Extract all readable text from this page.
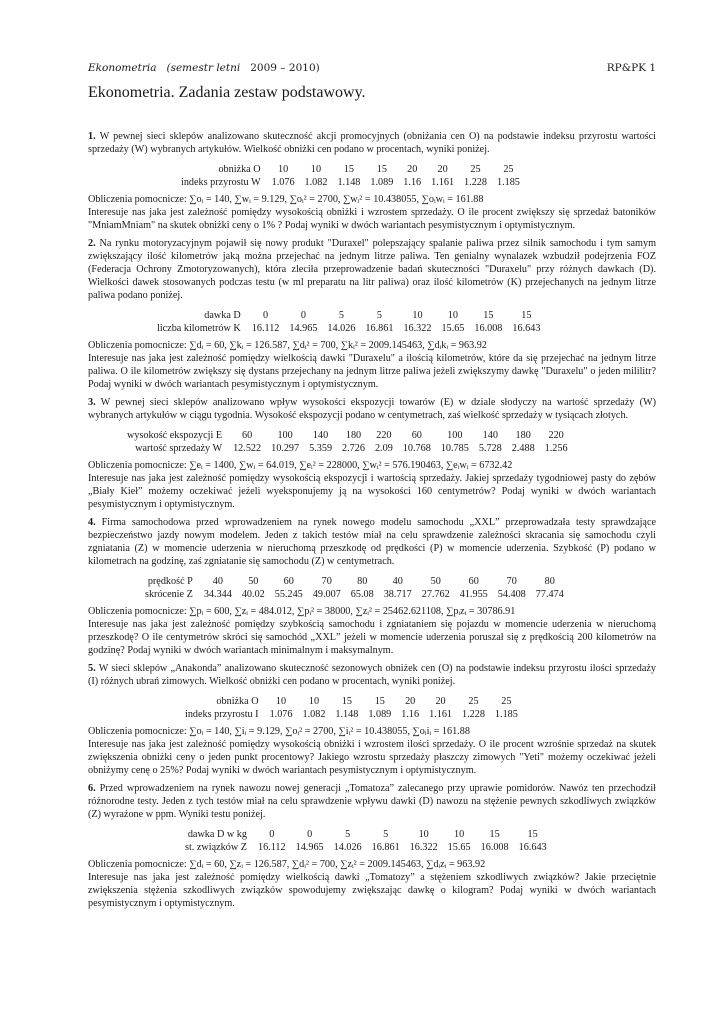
Ekonometria (semestr letni 2009 – 2010)	RP&PK 1
Ekonometria. Zadania zestaw podstawowy.

1. W pewnej sieci sklepów analizowano skuteczność akcji promocyjnych (obniżania cen O) na podstawie indeksu przyrostu wartości sprzedaży (W) wybranych artykułów. Wielkość obniżki cen podano w procentach, wyniki poniżej.

obniżka O	10	10	15	15	20	20	25	25
indeks przyrostu W	1.076	1.082	1.148	1.089	1.16	1.161	1.228	1.185

Obliczenia pomocnicze: ∑oᵢ = 140, ∑wᵢ = 9.129, ∑oᵢ² = 2700, ∑wᵢ² = 10.438055, ∑oᵢwᵢ = 161.88

Interesuje nas jaka jest zależność pomiędzy wysokością obniżki i wzrostem sprzedaży. O ile procent zwiększy się sprzedaż batoników "MniamMniam" na skutek obniżki ceny o 1% ? Podaj wyniki w dwóch wariantach pesymistycznym i optymistycznym.

2. Na rynku motoryzacyjnym pojawił się nowy produkt "Duraxel" polepszający spalanie paliwa przez silnik samochodu i tym samym zwiększający ilość kilometrów jaką można przejechać na jednym litrze paliwa. Ten genialny wynalazek wzbudził podejrzenia FOZ (Federacja Ochrony Zmotoryzowanych), która zleciła przeprowadzenie badań skuteczności "Duraxelu" przy różnych dawkach (D). Wielkości dawek stosowanych podczas testu (w ml preparatu na litr paliwa) oraz ilość kilometrów (K) przejechanych na jednym litrze paliwa podano poniżej.

dawka D	0	0	5	5	10	10	15	15
liczba kilometrów K	16.112	14.965	14.026	16.861	16.322	15.65	16.008	16.643

Obliczenia pomocnicze: ∑dᵢ = 60, ∑kᵢ = 126.587, ∑dᵢ² = 700, ∑kᵢ² = 2009.145463, ∑dᵢkᵢ = 963.92

Interesuje nas jaka jest zależność pomiędzy wielkością dawki "Duraxelu" a ilością kilometrów, które da się przejechać na jednym litrze paliwa. O ile kilometrów zwiększy się dystans przejechany na jednym litrze paliwa jeżeli zwiększymy dawkę "Duraxelu" o jeden mililitr? Podaj wyniki w dwóch wariantach pesymistycznym i optymistycznym.

3. W pewnej sieci sklepów analizowano wpływ wysokości ekspozycji towarów (E) w dziale słodyczy na wartość sprzedaży (W) wybranych artykułów w ciągu tygodnia. Wysokość ekspozycji podano w centymetrach, zaś wielkość sprzedaży w tysiącach złotych.

wysokość ekspozycji E	60	100	140	180	220	60	100	140	180	220
wartość sprzedaży W	12.522	10.297	5.359	2.726	2.09	10.768	10.785	5.728	2.488	1.256

Obliczenia pomocnicze: ∑eᵢ = 1400, ∑wᵢ = 64.019, ∑eᵢ² = 228000, ∑wᵢ² = 576.190463, ∑eᵢwᵢ = 6732.42

Interesuje nas jaka jest zależność pomiędzy wysokością ekspozycji i wartością sprzedaży. Jakiej sprzedaży tygodniowej pasty do zębów „Biały Kieł” możemy oczekiwać jeżeli wyeksponujemy ją na wysokości 160 centymetrów? Podaj wyniki w dwóch wariantach pesymistycznym i optymistycznym.

4. Firma samochodowa przed wprowadzeniem na rynek nowego modelu samochodu „XXL” przeprowadzała testy sprawdzające bezpieczeństwo jazdy nowym modelem. Jeden z takich testów miał na celu sprawdzenie zależności skracania się samochodu czyli zgniatania (Z) w momencie uderzenia w nieruchomą przeszkodę od prędkości (P) w momencie uderzenia. Szybkość (P) podano w kilometrach na godzinę, zaś zgniatanie się samochodu (Z) w centymetrach.

prędkość P	40	50	60	70	80	40	50	60	70	80
skrócenie Z	34.344	40.02	55.245	49.007	65.08	38.717	27.762	41.955	54.408	77.474

Obliczenia pomocnicze: ∑pᵢ = 600, ∑zᵢ = 484.012, ∑pᵢ² = 38000, ∑zᵢ² = 25462.621108, ∑pᵢzᵢ = 30786.91

Interesuje nas jaka jest zależność pomiędzy szybkością samochodu i zgniataniem się pojazdu w momencie uderzenia w nieruchomą przeszkodę? O ile centymetrów skróci się samochód „XXL” jeżeli w momencie uderzenia poruszał się z prędkością 200 kilometrów na godzinę? Podaj wyniki w dwóch wariantach minimalnym i maksymalnym.

5. W sieci sklepów „Anakonda” analizowano skuteczność sezonowych obniżek cen (O) na podstawie indeksu przyrostu ilości sprzedaży (I) różnych ubrań zimowych. Wielkość obniżki cen podano w procentach, wyniki poniżej.

obniżka O	10	10	15	15	20	20	25	25
indeks przyrostu I	1.076	1.082	1.148	1.089	1.16	1.161	1.228	1.185

Obliczenia pomocnicze: ∑oᵢ = 140, ∑iᵢ = 9.129, ∑oᵢ² = 2700, ∑iᵢ² = 10.438055, ∑oᵢiᵢ = 161.88

Interesuje nas jaka jest zależność pomiędzy wysokością obniżki i wzrostem ilości sprzedaży. O ile procent wzrośnie sprzedaż na skutek zwiększenia obniżki ceny o jeden punkt procentowy? Jakiego wzrostu sprzedaży płaszczy zimowych "Yeti" możemy oczekiwać jeżeli obniżymy cenę o 25%? Podaj wyniki w dwóch wariantach pesymistycznym i optymistycznym.

6. Przed wprowadzeniem na rynek nawozu nowej generacji „Tomatoza” zalecanego przy uprawie pomidorów. Nawóz ten przechodził różnorodne testy. Jeden z tych testów miał na celu sprawdzenie wpływu dawki (D) nawozu na stężenie pewnych szkodliwych związków (Z) wyrażone w ppm. Wyniki testu poniżej.

dawka D w kg	0	0	5	5	10	10	15	15
st. związków Z	16.112	14.965	14.026	16.861	16.322	15.65	16.008	16.643

Obliczenia pomocnicze: ∑dᵢ = 60, ∑zᵢ = 126.587, ∑dᵢ² = 700, ∑zᵢ² = 2009.145463, ∑dᵢzᵢ = 963.92

Interesuje nas jaka jest zależność pomiędzy wielkością dawki „Tomatozy” a stężeniem szkodliwych związków? Jakie przeciętnie zwiększenia stężenia szkodliwych związków spowodujemy zwiększając dawkę o kilogram? Podaj wyniki w dwóch wariantach pesymistycznym i optymistycznym.
